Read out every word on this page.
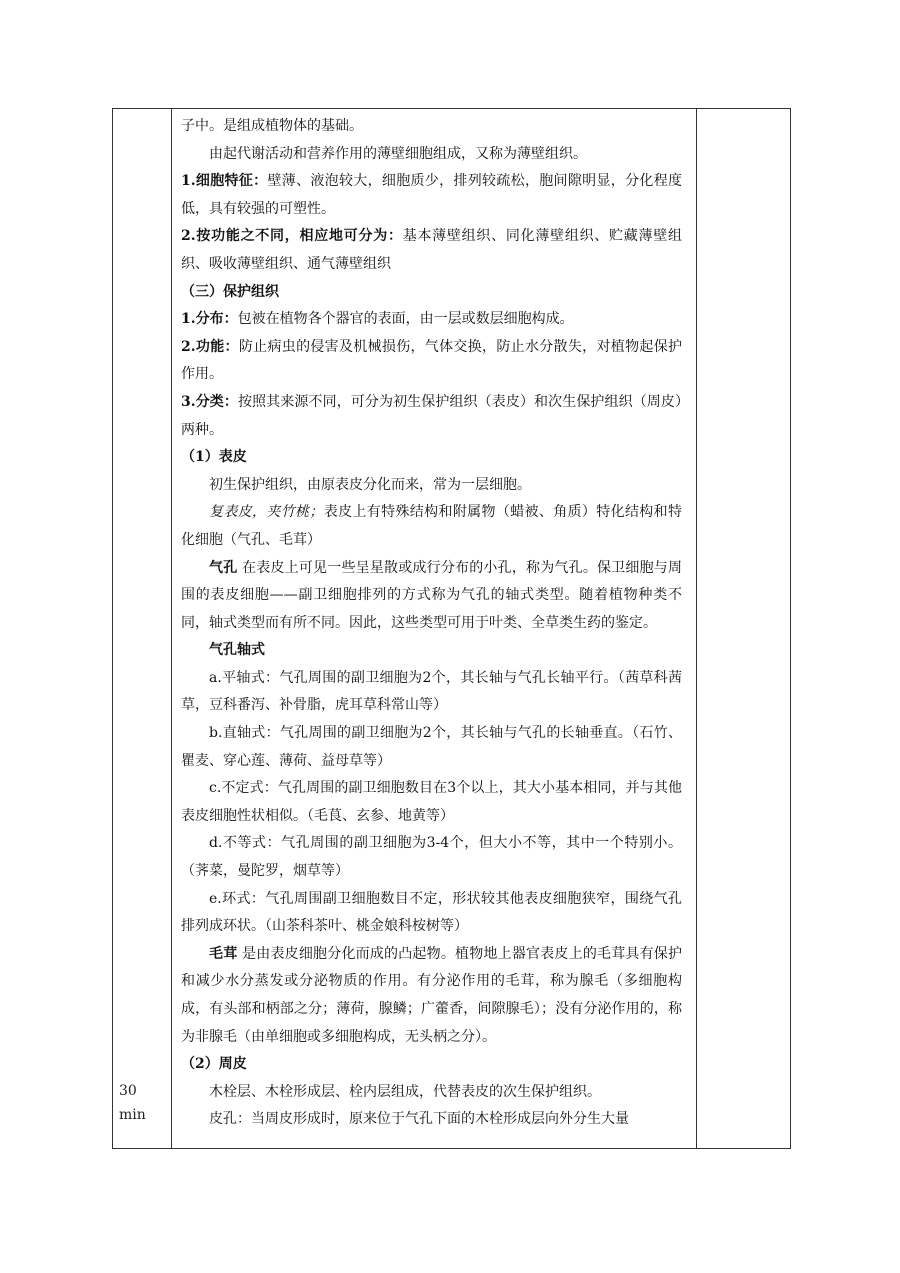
30
min

子中。是组成植物体的基础。

由起代谢活动和营养作用的薄壁细胞组成，又称为薄壁组织。

1.细胞特征：壁薄、液泡较大，细胞质少，排列较疏松，胞间隙明显，分化程度低，具有较强的可塑性。

2.按功能之不同，相应地可分为：基本薄壁组织、同化薄壁组织、贮藏薄壁组织、吸收薄壁组织、通气薄壁组织

（三）保护组织

1.分布：包被在植物各个器官的表面，由一层或数层细胞构成。

2.功能：防止病虫的侵害及机械损伤，气体交换，防止水分散失，对植物起保护作用。

3.分类：按照其来源不同，可分为初生保护组织（表皮）和次生保护组织（周皮）两种。

（1）表皮

初生保护组织，由原表皮分化而来，常为一层细胞。

复表皮，夹竹桃；表皮上有特殊结构和附属物（蜡被、角质）特化结构和特化细胞（气孔、毛茸）

气孔 在表皮上可见一些呈星散或成行分布的小孔，称为气孔。保卫细胞与周围的表皮细胞——副卫细胞排列的方式称为气孔的轴式类型。随着植物种类不同，轴式类型而有所不同。因此，这些类型可用于叶类、全草类生药的鉴定。

气孔轴式

a.平轴式：气孔周围的副卫细胞为2个，其长轴与气孔长轴平行。（茜草科茜草，豆科番泻、补骨脂，虎耳草科常山等）

b.直轴式：气孔周围的副卫细胞为2个，其长轴与气孔的长轴垂直。（石竹、瞿麦、穿心莲、薄荷、益母草等）

c.不定式：气孔周围的副卫细胞数目在3个以上，其大小基本相同，并与其他表皮细胞性状相似。（毛茛、玄参、地黄等）

d.不等式：气孔周围的副卫细胞为3-4个，但大小不等，其中一个特别小。（荠菜，曼陀罗，烟草等）

e.环式：气孔周围副卫细胞数目不定，形状较其他表皮细胞狭窄，围绕气孔排列成环状。（山茶科茶叶、桃金娘科桉树等）

毛茸 是由表皮细胞分化而成的凸起物。植物地上器官表皮上的毛茸具有保护和减少水分蒸发或分泌物质的作用。有分泌作用的毛茸，称为腺毛（多细胞构成，有头部和柄部之分；薄荷，腺鳞；广藿香，间隙腺毛）；没有分泌作用的，称为非腺毛（由单细胞或多细胞构成，无头柄之分）。

（2）周皮

木栓层、木栓形成层、栓内层组成，代替表皮的次生保护组织。

皮孔：当周皮形成时，原来位于气孔下面的木栓形成层向外分生大量
